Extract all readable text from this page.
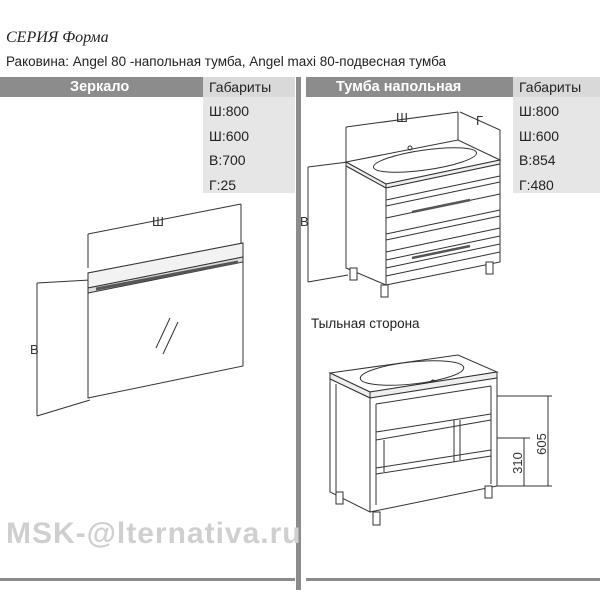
СЕРИЯ Форма
Раковина: Angel 80 -напольная тумба, Angel maxi 80-подвесная тумба
Зеркало	Габариты
Ш:800
Ш:600
В:700
Г:25
Тумба напольная	Габариты
Ш:800
Ш:600
В:854
Г:480
Тыльная сторона
MSK-@lternativa.ru
Ш
В
Ш	Г
В
605
310
